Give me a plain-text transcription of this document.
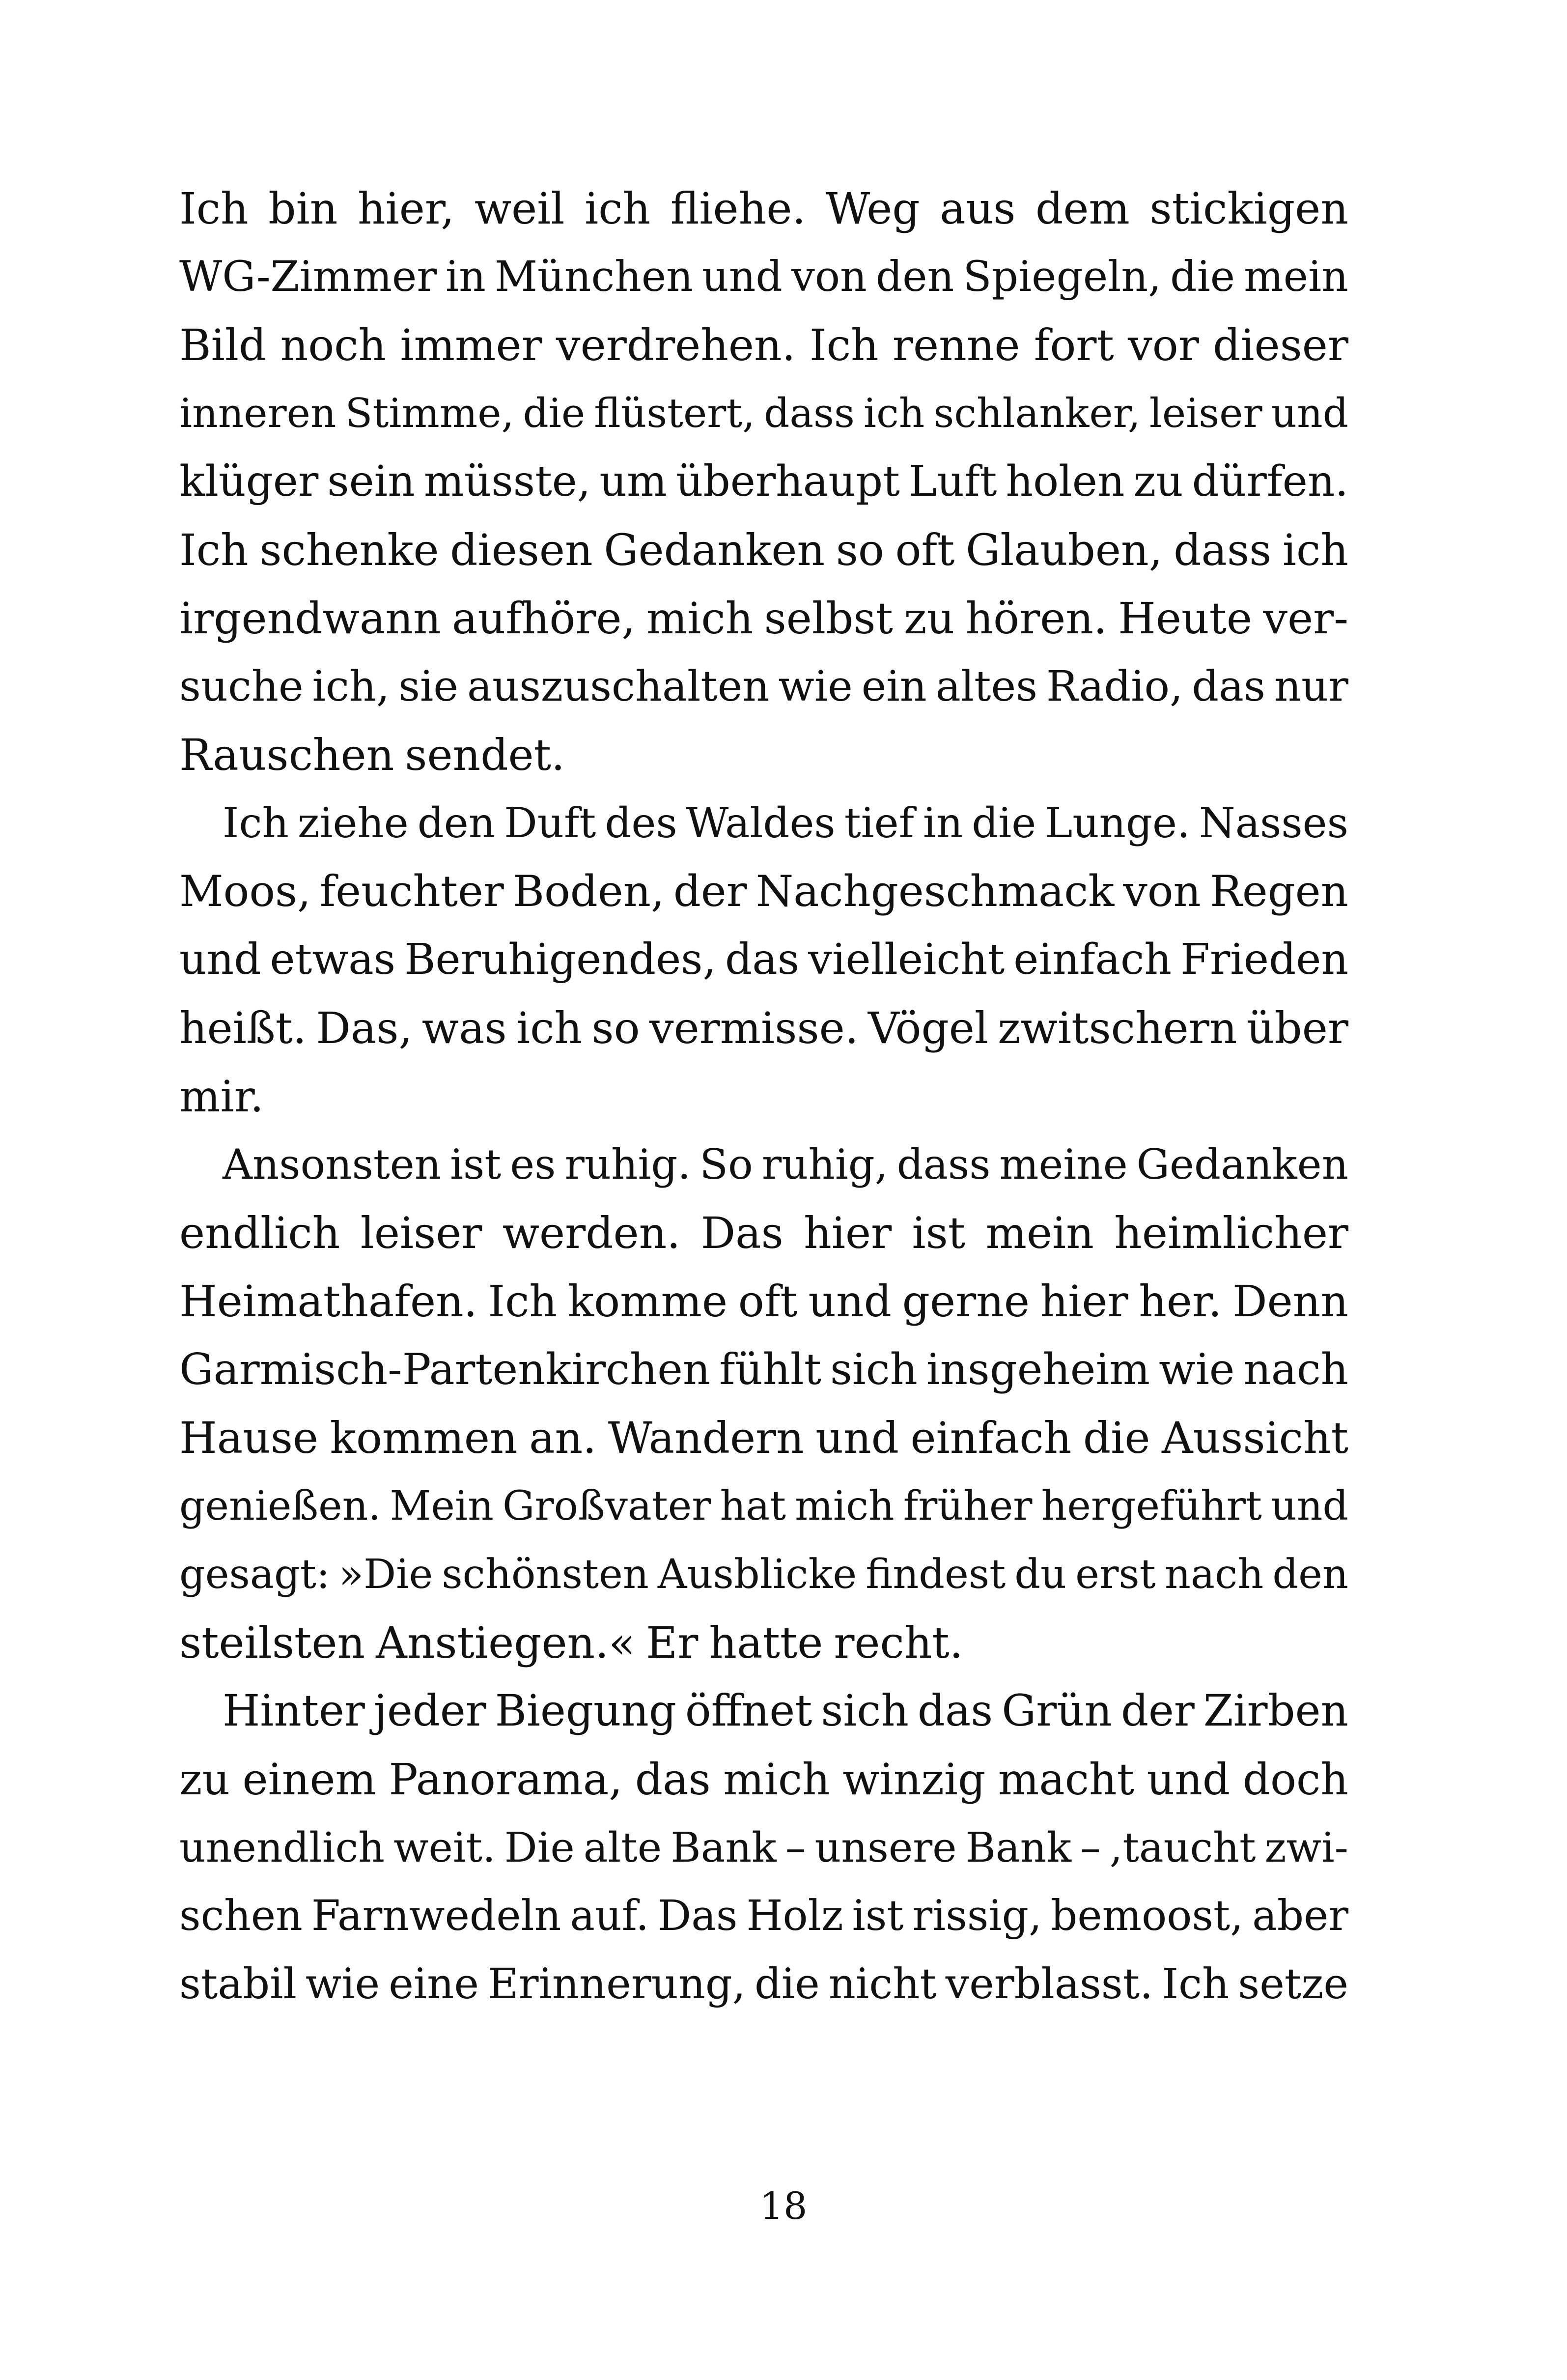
Ich bin hier, weil ich fliehe. Weg aus dem stickigen
WG-Zimmer in München und von den Spiegeln, die mein
Bild noch immer verdrehen. Ich renne fort vor dieser
inneren Stimme, die flüstert, dass ich schlanker, leiser und
klüger sein müsste, um überhaupt Luft holen zu dürfen.
Ich schenke diesen Gedanken so oft Glauben, dass ich
irgendwann aufhöre, mich selbst zu hören. Heute ver-
suche ich, sie auszuschalten wie ein altes Radio, das nur
Rauschen sendet.
Ich ziehe den Duft des Waldes tief in die Lunge. Nasses
Moos, feuchter Boden, der Nachgeschmack von Regen
und etwas Beruhigendes, das vielleicht einfach Frieden
heißt. Das, was ich so vermisse. Vögel zwitschern über
mir.
Ansonsten ist es ruhig. So ruhig, dass meine Gedanken
endlich leiser werden. Das hier ist mein heimlicher
Heimathafen. Ich komme oft und gerne hier her. Denn
Garmisch-Partenkirchen fühlt sich insgeheim wie nach
Hause kommen an. Wandern und einfach die Aussicht
genießen. Mein Großvater hat mich früher hergeführt und
gesagt: »Die schönsten Ausblicke findest du erst nach den
steilsten Anstiegen.« Er hatte recht.
Hinter jeder Biegung öffnet sich das Grün der Zirben
zu einem Panorama, das mich winzig macht und doch
unendlich weit. Die alte Bank – unsere Bank – ,taucht zwi-
schen Farnwedeln auf. Das Holz ist rissig, bemoost, aber
stabil wie eine Erinnerung, die nicht verblasst. Ich setze
18
